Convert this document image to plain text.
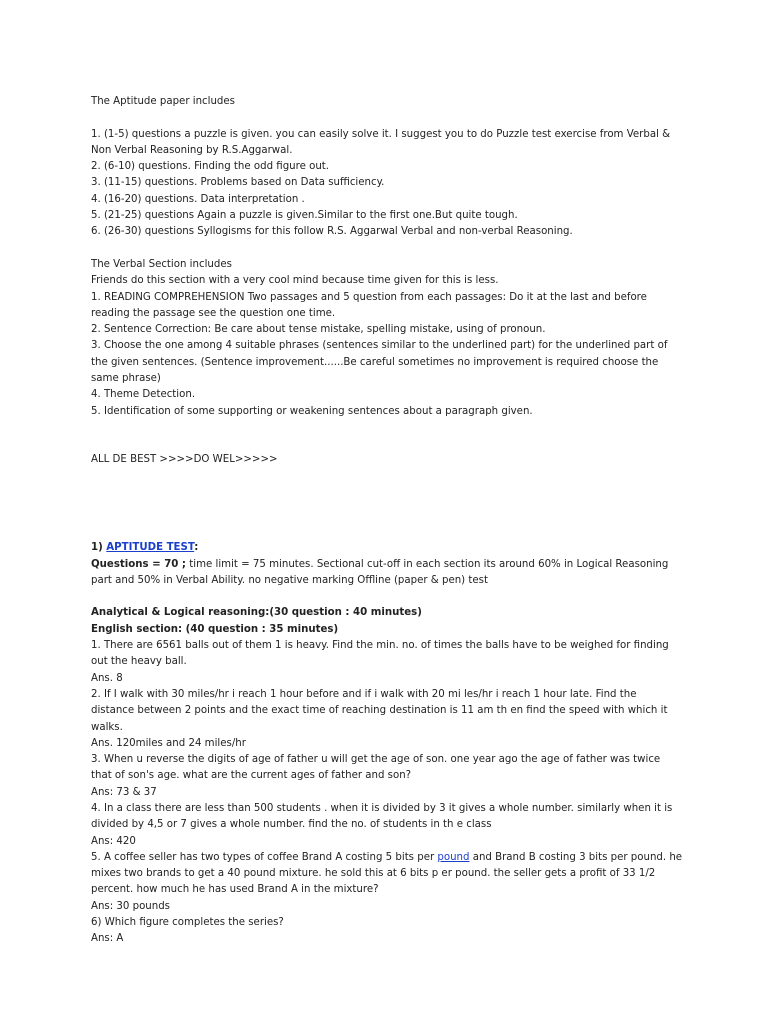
The Aptitude paper includes
1. (1-5) questions a puzzle is given. you can easily solve it. I suggest you to do Puzzle test exercise from Verbal &
Non Verbal Reasoning by R.S.Aggarwal.
2. (6-10) questions. Finding the odd figure out.
3. (11-15) questions. Problems based on Data sufficiency.
4. (16-20) questions. Data interpretation .
5. (21-25) questions Again a puzzle is given.Similar to the first one.But quite tough.
6. (26-30) questions Syllogisms for this follow R.S. Aggarwal Verbal and non-verbal Reasoning.
The Verbal Section includes
Friends do this section with a very cool mind because time given for this is less.
1. READING COMPREHENSION Two passages and 5 question from each passages: Do it at the last and before
reading the passage see the question one time.
2. Sentence Correction: Be care about tense mistake, spelling mistake, using of pronoun.
3. Choose the one among 4 suitable phrases (sentences similar to the underlined part) for the underlined part of
the given sentences. (Sentence improvement......Be careful sometimes no improvement is required choose the
same phrase)
4. Theme Detection.
5. Identification of some supporting or weakening sentences about a paragraph given.
ALL DE BEST >>>>DO WEL>>>>>
1) APTITUDE TEST:
Questions = 70 ; time limit = 75 minutes. Sectional cut-off in each section its around 60% in Logical Reasoning
part and 50% in Verbal Ability. no negative marking Offline (paper & pen) test
Analytical & Logical reasoning:(30 question : 40 minutes)
English section: (40 question : 35 minutes)
1. There are 6561 balls out of them 1 is heavy. Find the min. no. of times the balls have to be weighed for finding
out the heavy ball.
Ans. 8
2. If I walk with 30 miles/hr i reach 1 hour before and if i walk with 20 mi les/hr i reach 1 hour late. Find the
distance between 2 points and the exact time of reaching destination is 11 am th en find the speed with which it
walks.
Ans. 120miles and 24 miles/hr
3. When u reverse the digits of age of father u will get the age of son. one year ago the age of father was twice
that of son's age. what are the current ages of father and son?
Ans: 73 & 37
4. In a class there are less than 500 students . when it is divided by 3 it gives a whole number. similarly when it is
divided by 4,5 or 7 gives a whole number. find the no. of students in th e class
Ans: 420
5. A coffee seller has two types of coffee Brand A costing 5 bits per pound and Brand B costing 3 bits per pound. he
mixes two brands to get a 40 pound mixture. he sold this at 6 bits p er pound. the seller gets a profit of 33 1/2
percent. how much he has used Brand A in the mixture?
Ans: 30 pounds
6) Which figure completes the series?
Ans: A
